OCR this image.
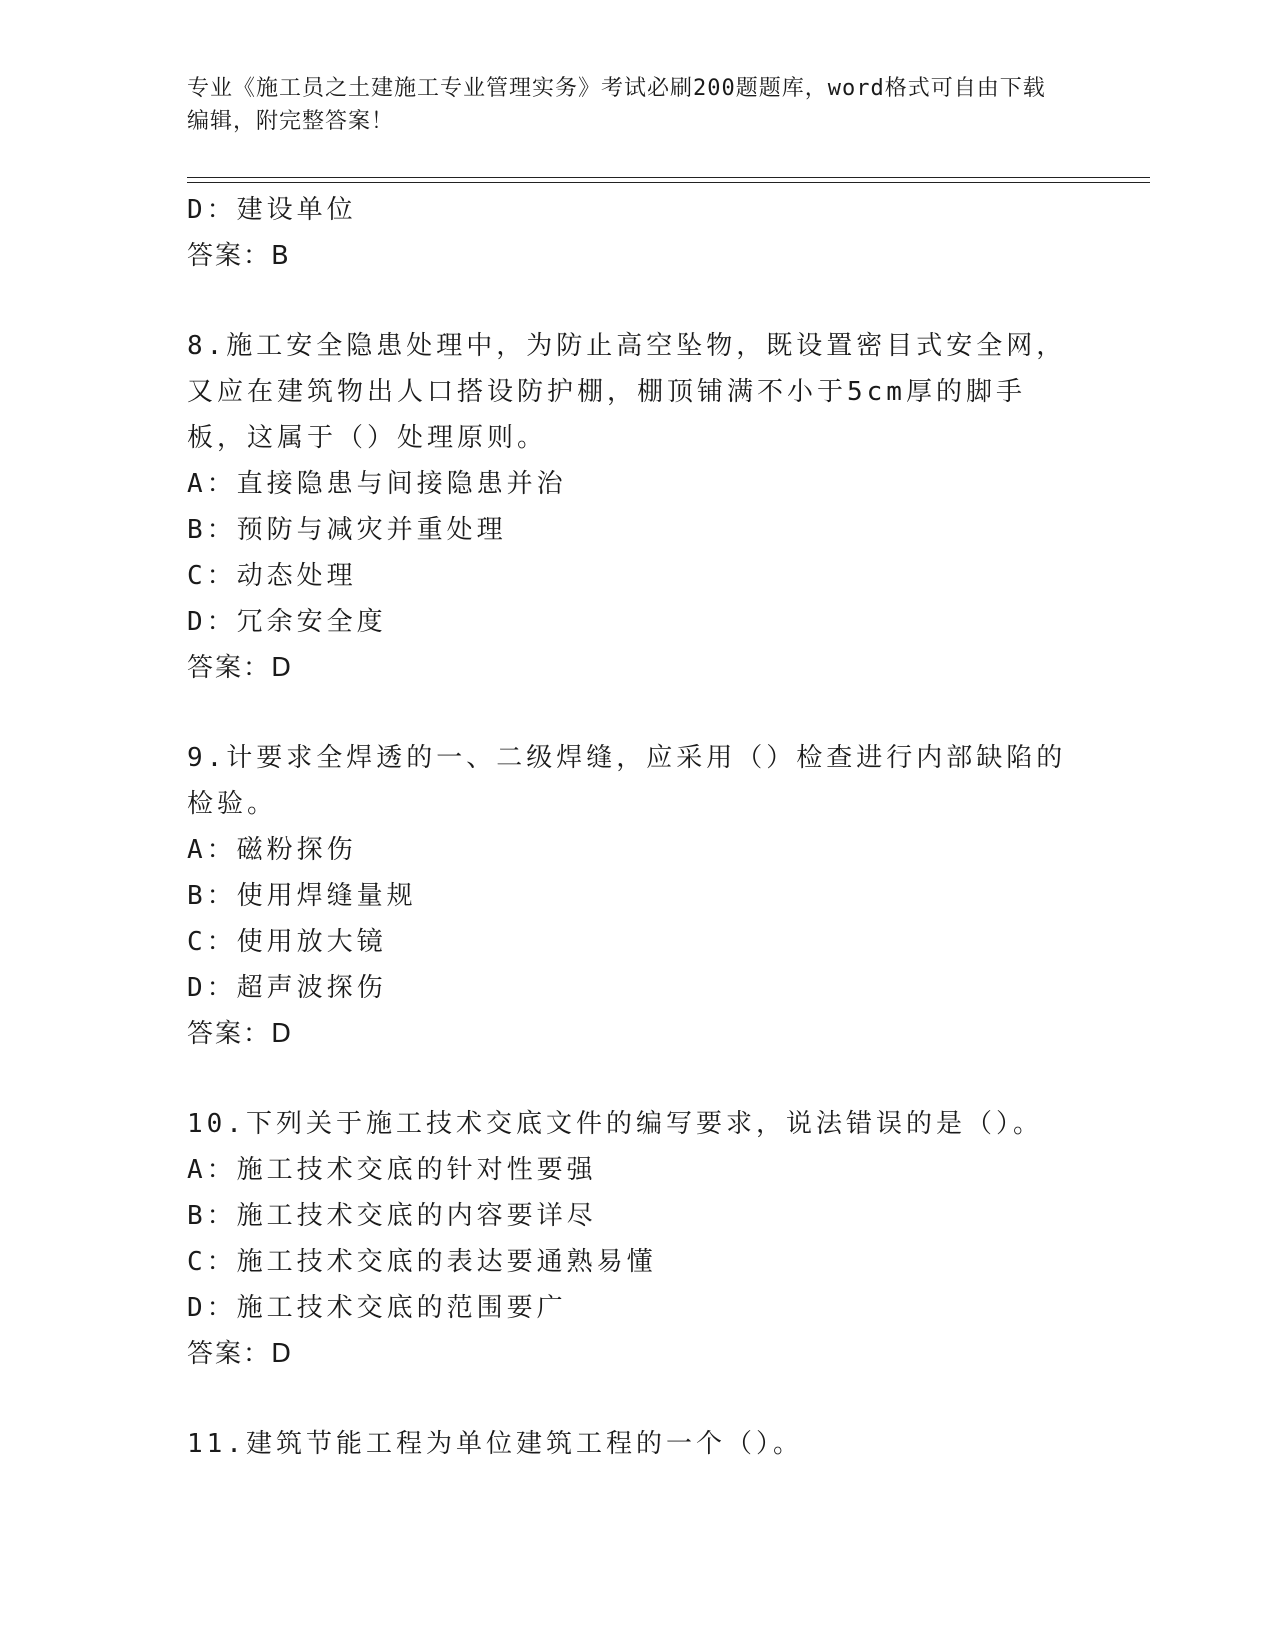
专业《施工员之土建施工专业管理实务》考试必刷200题题库，word格式可自由下载编辑，附完整答案！
D：建设单位
答案：B
8.施工安全隐患处理中，为防止高空坠物，既设置密目式安全网，又应在建筑物出人口搭设防护棚，棚顶铺满不小于5cm厚的脚手板，这属于（）处理原则。
A：直接隐患与间接隐患并治
B：预防与减灾并重处理
C：动态处理
D：冗余安全度
答案：D
9.计要求全焊透的一、二级焊缝，应采用（）检查进行内部缺陷的检验。
A：磁粉探伤
B：使用焊缝量规
C：使用放大镜
D：超声波探伤
答案：D
10.下列关于施工技术交底文件的编写要求，说法错误的是（）。
A：施工技术交底的针对性要强
B：施工技术交底的内容要详尽
C：施工技术交底的表达要通熟易懂
D：施工技术交底的范围要广
答案：D
11.建筑节能工程为单位建筑工程的一个（）。
